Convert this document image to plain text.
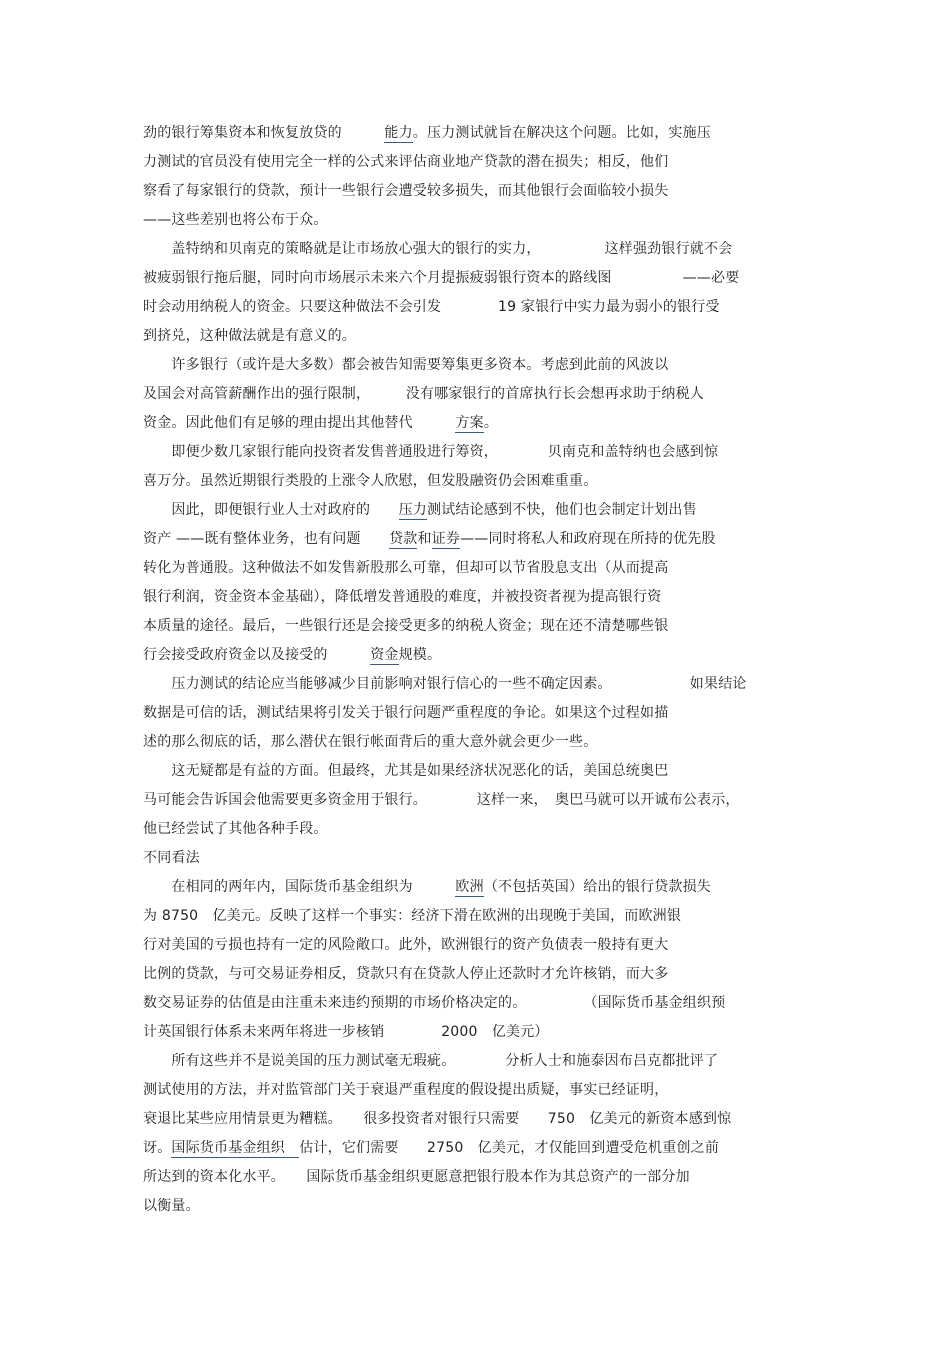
劲的银行筹集资本和恢复放贷的　　　能力。压力测试就旨在解决这个问题。比如，实施压
力测试的官员没有使用完全一样的公式来评估商业地产贷款的潜在损失；相反，他们
察看了每家银行的贷款，预计一些银行会遭受较多损失，而其他银行会面临较小损失
——这些差别也将公布于众。
　　盖特纳和贝南克的策略就是让市场放心强大的银行的实力，　　　　　这样强劲银行就不会
被疲弱银行拖后腿，同时向市场展示未来六个月提振疲弱银行资本的路线图　　　　　——必要
时会动用纳税人的资金。只要这种做法不会引发　　　　19 家银行中实力最为弱小的银行受
到挤兑，这种做法就是有意义的。
　　许多银行（或许是大多数）都会被告知需要筹集更多资本。考虑到此前的风波以
及国会对高管薪酬作出的强行限制，　　　没有哪家银行的首席执行长会想再求助于纳税人
资金。因此他们有足够的理由提出其他替代　　　方案。
　　即便少数几家银行能向投资者发售普通股进行筹资，　　　　贝南克和盖特纳也会感到惊
喜万分。虽然近期银行类股的上涨令人欣慰，但发股融资仍会困难重重。
　　因此，即便银行业人士对政府的　　压力测试结论感到不快，他们也会制定计划出售
资产 ——既有整体业务，也有问题　　贷款和证券——同时将私人和政府现在所持的优先股
转化为普通股。这种做法不如发售新股那么可靠，但却可以节省股息支出（从而提高
银行利润，资金资本金基础），降低增发普通股的难度，并被投资者视为提高银行资
本质量的途径。最后，一些银行还是会接受更多的纳税人资金；现在还不清楚哪些银
行会接受政府资金以及接受的　　　资金规模。
　　压力测试的结论应当能够减少目前影响对银行信心的一些不确定因素。　　　　　　如果结论
数据是可信的话，测试结果将引发关于银行问题严重程度的争论。如果这个过程如描
述的那么彻底的话，那么潜伏在银行帐面背后的重大意外就会更少一些。
　　这无疑都是有益的方面。但最终，尤其是如果经济状况恶化的话，美国总统奥巴
马可能会告诉国会他需要更多资金用于银行。　　　　这样一来，　奥巴马就可以开诚布公表示，
他已经尝试了其他各种手段。
不同看法
　　在相同的两年内，国际货币基金组织为　　　欧洲（不包括英国）给出的银行贷款损失
为 8750　亿美元。反映了这样一个事实：经济下滑在欧洲的出现晚于美国，而欧洲银
行对美国的亏损也持有一定的风险敞口。此外，欧洲银行的资产负债表一般持有更大
比例的贷款，与可交易证券相反，贷款只有在贷款人停止还款时才允许核销，而大多
数交易证券的估值是由注重未来违约预期的市场价格决定的。　　　　　（国际货币基金组织预
计英国银行体系未来两年将进一步核销　　　　2000　亿美元）
　　所有这些并不是说美国的压力测试毫无瑕疵。　　　　分析人士和施泰因布吕克都批评了
测试使用的方法，并对监管部门关于衰退严重程度的假设提出质疑，事实已经证明，
衰退比某些应用情景更为糟糕。　　很多投资者对银行只需要　　750　亿美元的新资本感到惊
讶。国际货币基金组织　估计，它们需要　　2750　亿美元，才仅能回到遭受危机重创之前
所达到的资本化水平。　　国际货币基金组织更愿意把银行股本作为其总资产的一部分加
以衡量。
